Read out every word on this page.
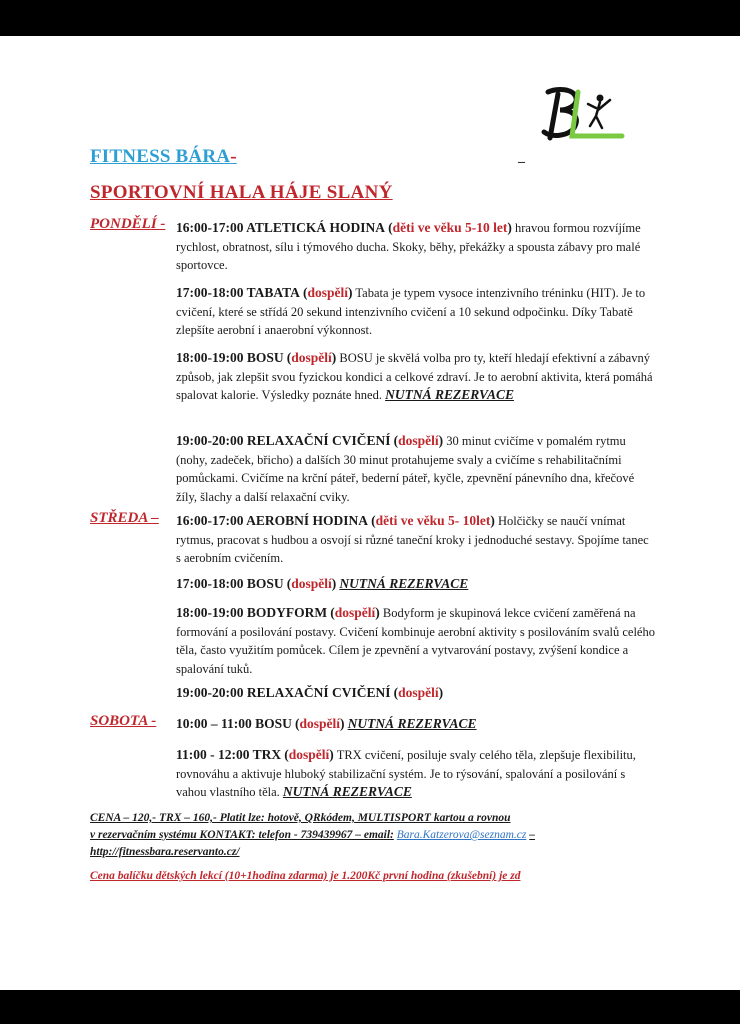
FITNESS BÁRA-	_
SPORTOVNÍ HALA HÁJE SLANÝ
PONDĚLÍ - 16:00-17:00 ATLETICKÁ HODINA (děti ve věku 5-10 let) hravou formou rozvíjíme rychlost, obratnost, sílu i týmového ducha. Skoky, běhy, překážky a spousta zábavy pro malé sportovce.
17:00-18:00 TABATA (dospělí) Tabata je typem vysoce intenzivního tréninku (HIT). Je to cvičení, které se střídá 20 sekund intenzivního cvičení a 10 sekund odpočinku. Díky Tabatě zlepšíte aerobní i anaerobní výkonnost.
18:00-19:00 BOSU (dospělí) BOSU je skvělá volba pro ty, kteří hledají efektivní a zábavný způsob, jak zlepšit svou fyzickou kondici a celkové zdraví. Je to aerobní aktivita, která pomáhá spalovat kalorie. Výsledky poznáte hned. NUTNÁ REZERVACE
19:00-20:00 RELAXAČNÍ CVIČENÍ (dospělí) 30 minut cvičíme v pomalém rytmu (nohy, zadeček, břicho) a dalších 30 minut protahujeme svaly a cvičíme s rehabilitačními pomůckami. Cvičíme na krční páteř, bederní páteř, kyčle, zpevnění pánevního dna, křečové žíly, šlachy a další relaxační cviky.
STŘEDA – 16:00-17:00 AEROBNÍ HODINA (děti ve věku 5- 10let) Holčičky se naučí vnímat rytmus, pracovat s hudbou a osvojí si různé taneční kroky i jednoduché sestavy. Spojíme tanec s aerobním cvičením.
17:00-18:00 BOSU (dospělí) NUTNÁ REZERVACE
18:00-19:00 BODYFORM (dospělí) Bodyform je skupinová lekce cvičení zaměřená na formování a posilování postavy. Cvičení kombinuje aerobní aktivity s posilováním svalů celého těla, často využitím pomůcek. Cílem je zpevnění a vytvarování postavy, zvýšení kondice a spalování tuků.
19:00-20:00 RELAXAČNÍ CVIČENÍ (dospělí)
SOBOTA - 10:00 – 11:00 BOSU (dospělí) NUTNÁ REZERVACE
11:00 - 12:00 TRX (dospělí) TRX cvičení, posiluje svaly celého těla, zlepšuje flexibilitu, rovnováhu a aktivuje hluboký stabilizační systém. Je to rýsování, spalování a posilování s vahou vlastního těla. NUTNÁ REZERVACE
CENA – 120,- TRX – 160,- Platit lze: hotově, QRkódem, MULTISPORT kartou a rovnou
v rezervačním systému KONTAKT: telefon - 739439967 – email: Bara.Katzerova@seznam.cz –
http://fitnessbara.reservanto.cz/
Cena balíčku dětských lekcí (10+1hodina zdarma) je 1.200Kč první hodina (zkušební) je zd
